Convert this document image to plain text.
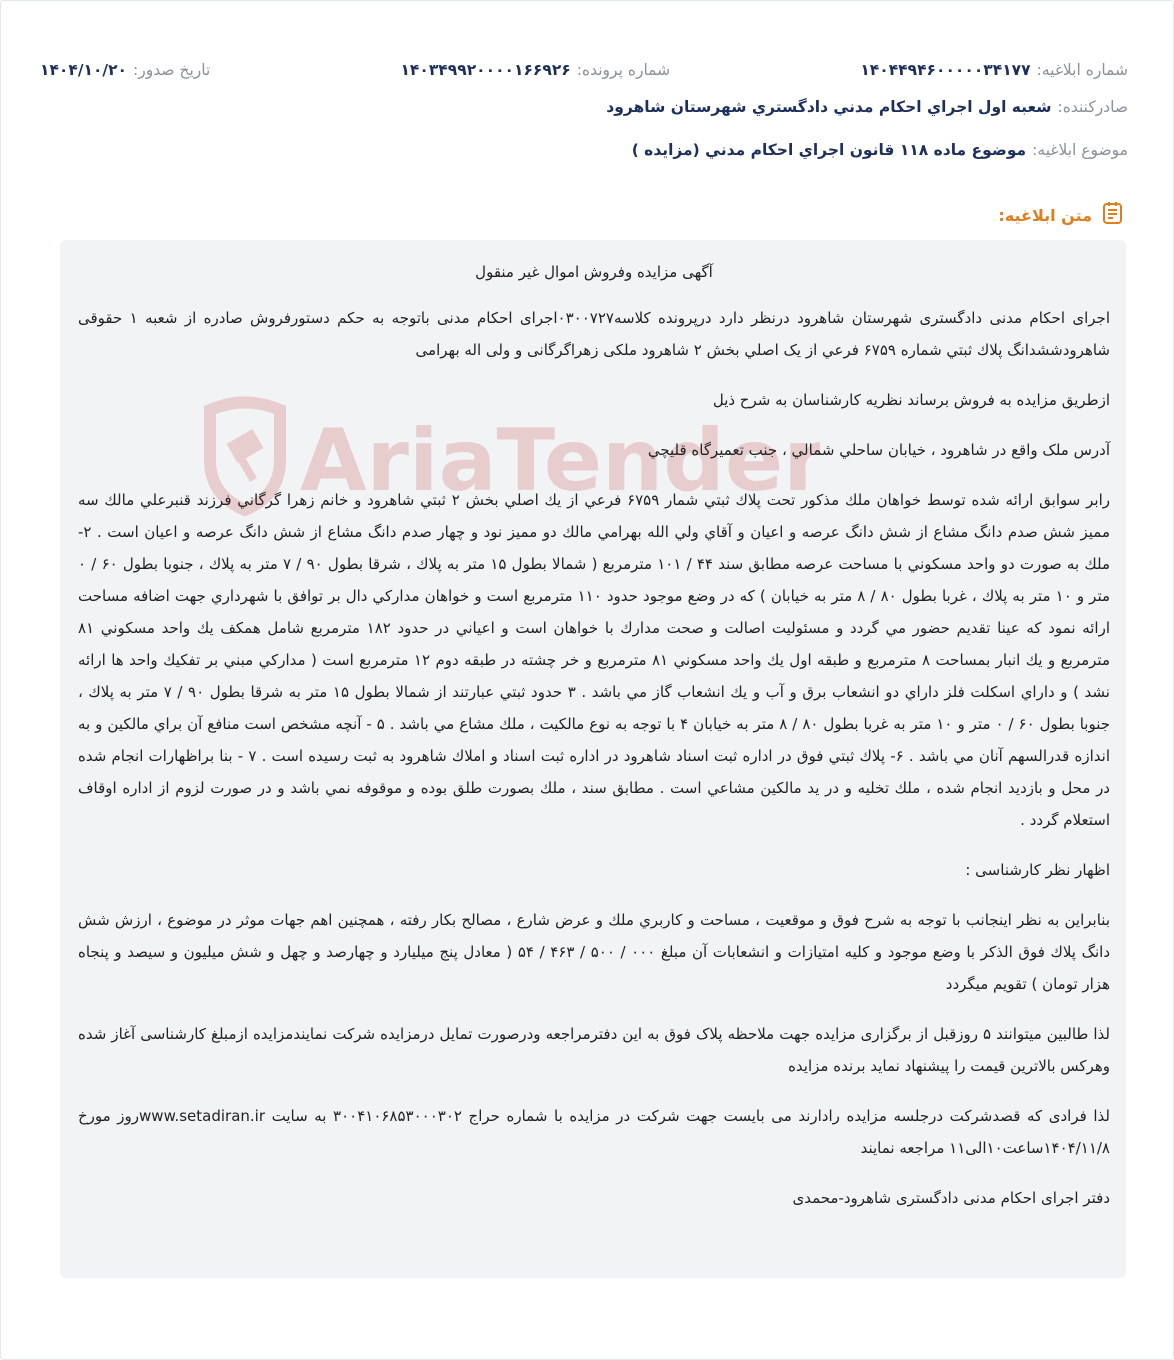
شماره ابلاغيه:
۱۴۰۴۴۹۴۶۰۰۰۰۰۳۴۱۷۷
شماره پرونده:
۱۴۰۳۴۹۹۲۰۰۰۰۱۶۶۹۲۶
تاريخ صدور:
۱۴۰۴/۱۰/۲۰
صادرکننده:
شعبه اول اجراي احکام مدني دادگستري شهرستان شاهرود
موضوع ابلاغيه:
موضوع ماده ۱۱۸ قانون اجراي احکام مدني (مزايده )
متن ابلاغيه:
AriaTender

آگهی مزایده وفروش اموال غیر منقول

اجرای احکام مدنی دادگستری شهرستان شاهرود درنظر دارد درپرونده کلاسه۰۳۰۰۷۲۷اجرای احکام مدنی باتوجه به حکم دستورفروش صادره از شعبه ۱ حقوقی شاهرودششدانگ پلاك ثبتي شماره ۶۷۵۹ فرعي از يک اصلي بخش ۲ شاهرود ملکی زهراگرگانی و ولی اله بهرامی

ازطریق مزایده به فروش برساند نظریه کارشناسان به شرح ذیل

آدرس ملک واقع در شاهرود ، خيابان ساحلي شمالي ، جنب تعميرگاه قليچي

رابر سوابق ارائه شده توسط خواهان ملك مذكور تحت پلاك ثبتي شمار ۶۷۵۹ فرعي از يك اصلي بخش ۲ ثبتي شاهرود و خانم زهرا گرگاني فرزند قنبرعلي مالك سه مميز شش صدم دانگ مشاع از شش دانگ عرصه و اعيان و آقاي ولي الله بهرامي مالك دو مميز نود و چهار صدم دانگ مشاع از شش دانگ عرصه و اعيان است . ۲- ملك به صورت دو واحد مسكوني با مساحت عرصه مطابق سند ۴۴ / ۱۰۱ مترمربع ( شمالا بطول ۱۵ متر به پلاك ، شرقا بطول ۹۰ / ۷ متر به پلاك ، جنوبا بطول ۶۰ / ۰ متر و ۱۰ متر به پلاك ، غربا بطول ۸۰ / ۸ متر به خيابان ) كه در وضع موجود حدود ۱۱۰ مترمربع است و خواهان مداركي دال بر توافق با شهرداري جهت اضافه مساحت ارائه نمود كه عينا تقديم حضور مي گردد و مسئوليت اصالت و صحت مدارك با خواهان است و اعياني در حدود ۱۸۲ مترمربع شامل همكف يك واحد مسكوني ۸۱ مترمربع و يك انبار بمساحت ۸ مترمربع و طبقه اول يك واحد مسكوني ۸۱ مترمربع و خر چشته در طبقه دوم ۱۲ مترمربع است ( مداركي مبني بر تفكيك واحد ها ارائه نشد ) و داراي اسكلت فلز داراي دو انشعاب برق و آب و يك انشعاب گاز مي باشد . ۳ حدود ثبتي عبارتند از شمالا بطول ۱۵ متر به شرقا بطول ۹۰ / ۷ متر به پلاك ، جنوبا بطول ۶۰ / ۰ متر و ۱۰ متر به غربا بطول ۸۰ / ۸ متر به خيابان ۴ با توجه به نوع مالكيت ، ملك مشاع مي باشد . ۵ - آنچه مشخص است منافع آن براي مالكين و به اندازه قدرالسهم آنان مي باشد . ۶- پلاك ثبتي فوق در اداره ثبت اسناد شاهرود در اداره ثبت اسناد و املاك شاهرود به ثبت رسيده است . ۷ - بنا براظهارات انجام شده در محل و بازديد انجام شده ، ملك تخليه و در يد مالكين مشاعي است . مطابق سند ، ملك بصورت طلق بوده و موقوفه نمي باشد و در صورت لزوم از اداره اوقاف استعلام گردد .

اظهار نظر کارشناسی :

بنابراين به نظر اينجانب با توجه به شرح فوق و موقعيت ، مساحت و كاربري ملك و عرض شارع ، مصالح بكار رفته ، همچنين اهم جهات موثر در موضوع ، ارزش شش دانگ پلاك فوق الذكر با وضع موجود و كليه امتيازات و انشعابات آن مبلغ ۰۰۰ / ۵۰۰ / ۴۶۳ / ۵۴ ( معادل پنج ميليارد و چهارصد و چهل و شش ميليون و سيصد و پنجاه هزار تومان ) تقويم ميگردد

لذا طالبین میتوانند ۵ روزقبل از برگزاری مزایده جهت ملاحظه پلاک فوق به این دفترمراجعه ودرصورت تمایل درمزایده شرکت نمایندمزایده ازمبلغ کارشناسی آغاز شده وهرکس بالاترین قیمت را پیشنهاد نماید برنده مزایده

لذا فرادی که قصدشرکت درجلسه مزایده رادارند می بایست جهت شرکت در مزایده با شماره حراج ۳۰۰۴۱۰۶۸۵۳۰۰۰۳۰۲ به سایت www.setadiran.irروز مورخ ۱۴۰۴/۱۱/۸ساعت۱۰الی۱۱ مراجعه نمایند

دفتر اجرای احکام مدنی دادگستری شاهرود-محمدی
